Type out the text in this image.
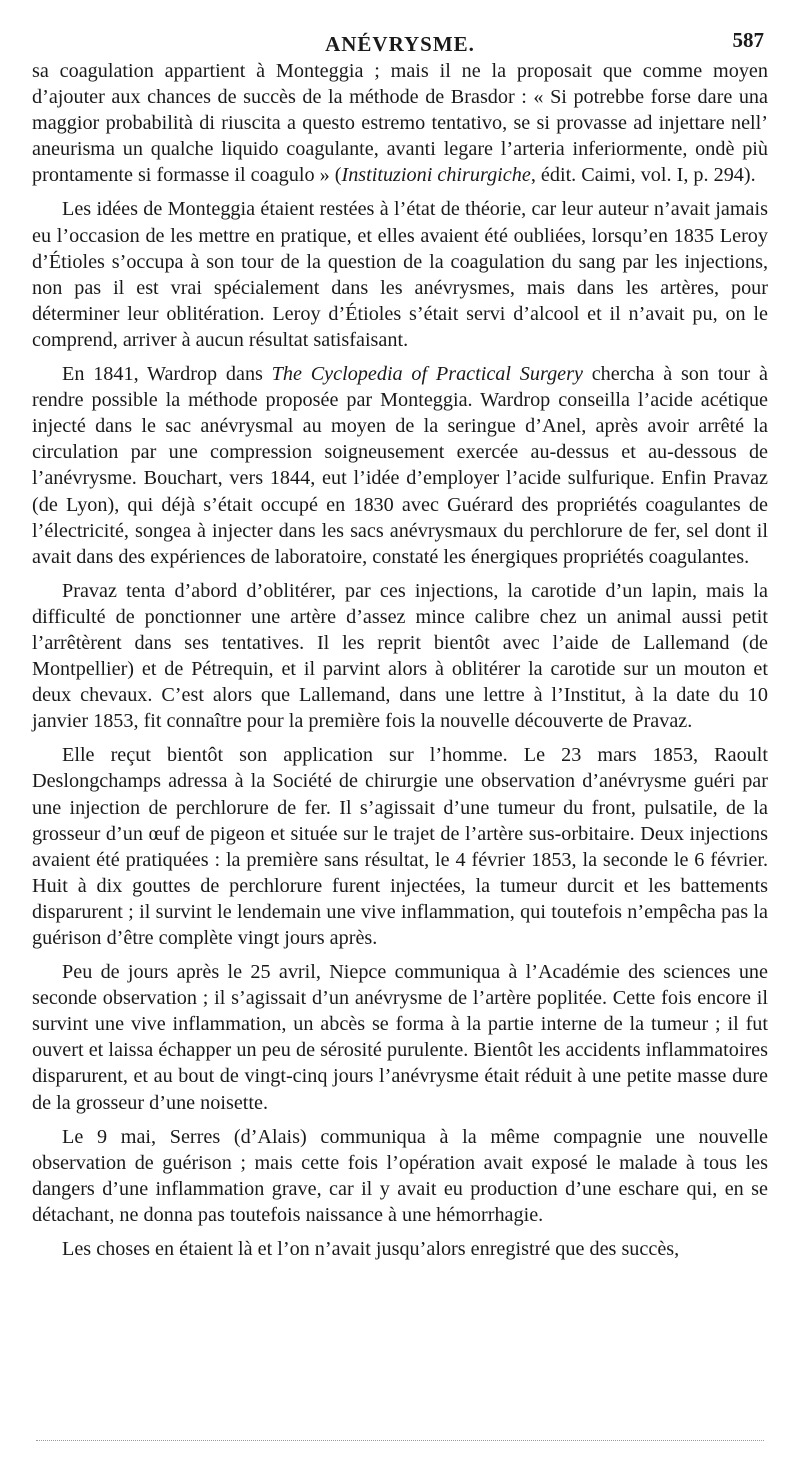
ANÉVRYSME.	587

sa coagulation appartient à Monteggia ; mais il ne la proposait que comme moyen d’ajouter aux chances de succès de la méthode de Brasdor : « Si potrebbe forse dare una maggior probabilità di riuscita a questo estremo tentativo, se si provasse ad injettare nell’ aneurisma un qualche liquido coagulante, avanti legare l’arteria inferiormente, ondè più prontamente si formasse il coagulo » (Instituzioni chirurgiche, édit. Caimi, vol. I, p. 294).

Les idées de Monteggia étaient restées à l’état de théorie, car leur auteur n’avait jamais eu l’occasion de les mettre en pratique, et elles avaient été oubliées, lorsqu’en 1835 Leroy d’Étioles s’occupa à son tour de la question de la coagulation du sang par les injections, non pas il est vrai spécialement dans les anévrysmes, mais dans les artères, pour déterminer leur oblitération. Leroy d’Étioles s’était servi d’alcool et il n’avait pu, on le comprend, arriver à aucun résultat satisfaisant.

En 1841, Wardrop dans The Cyclopedia of Practical Surgery chercha à son tour à rendre possible la méthode proposée par Monteggia. Wardrop conseilla l’acide acétique injecté dans le sac anévrysmal au moyen de la seringue d’Anel, après avoir arrêté la circulation par une compression soigneusement exercée au-dessus et au-dessous de l’anévrysme. Bouchart, vers 1844, eut l’idée d’employer l’acide sulfurique. Enfin Pravaz (de Lyon), qui déjà s’était occupé en 1830 avec Guérard des propriétés coagulantes de l’électricité, songea à injecter dans les sacs anévrysmaux du perchlorure de fer, sel dont il avait dans des expériences de laboratoire, constaté les énergiques propriétés coagulantes.

Pravaz tenta d’abord d’oblitérer, par ces injections, la carotide d’un lapin, mais la difficulté de ponctionner une artère d’assez mince calibre chez un animal aussi petit l’arrêtèrent dans ses tentatives. Il les reprit bientôt avec l’aide de Lallemand (de Montpellier) et de Pétrequin, et il parvint alors à oblitérer la carotide sur un mouton et deux chevaux. C’est alors que Lallemand, dans une lettre à l’Institut, à la date du 10 janvier 1853, fit connaître pour la première fois la nouvelle découverte de Pravaz.

Elle reçut bientôt son application sur l’homme. Le 23 mars 1853, Raoult Deslongchamps adressa à la Société de chirurgie une observation d’anévrysme guéri par une injection de perchlorure de fer. Il s’agissait d’une tumeur du front, pulsatile, de la grosseur d’un œuf de pigeon et située sur le trajet de l’artère sus-orbitaire. Deux injections avaient été pratiquées : la première sans résultat, le 4 février 1853, la seconde le 6 février. Huit à dix gouttes de perchlorure furent injectées, la tumeur durcit et les battements disparurent ; il survint le lendemain une vive inflammation, qui toutefois n’empêcha pas la guérison d’être complète vingt jours après.

Peu de jours après le 25 avril, Niepce communiqua à l’Académie des sciences une seconde observation ; il s’agissait d’un anévrysme de l’artère poplitée. Cette fois encore il survint une vive inflammation, un abcès se forma à la partie interne de la tumeur ; il fut ouvert et laissa échapper un peu de sérosité purulente. Bientôt les accidents inflammatoires disparurent, et au bout de vingt-cinq jours l’anévrysme était réduit à une petite masse dure de la grosseur d’une noisette.

Le 9 mai, Serres (d’Alais) communiqua à la même compagnie une nouvelle observation de guérison ; mais cette fois l’opération avait exposé le malade à tous les dangers d’une inflammation grave, car il y avait eu production d’une eschare qui, en se détachant, ne donna pas toutefois naissance à une hémorrhagie.

Les choses en étaient là et l’on n’avait jusqu’alors enregistré que des succès,
